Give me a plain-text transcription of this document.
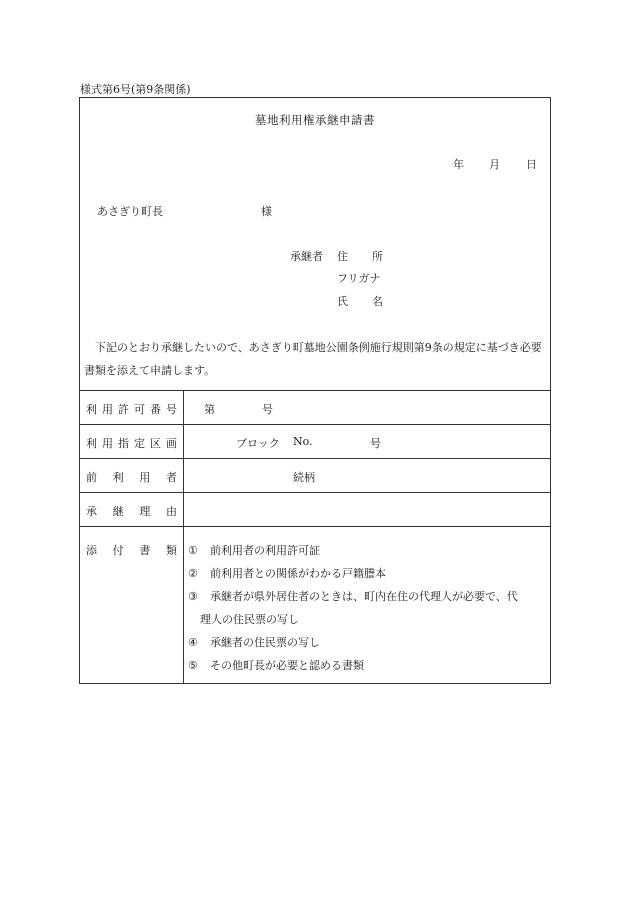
様式第6号(第9条関係)
墓地利用権承継申請書
年 月 日
あさぎり町長	様
承継者 住 所
フリガナ
氏 名
　下記のとおり承継したいので、あさぎり町墓地公園条例施行規則第9条の規定に基づき必要書類を添えて申請します。
利 用 許 可 番 号 第	号
利 用 指 定 区 画	ブロック No.	号
前 利 用 者	続柄
承 継 理 由
添 付 書 類 ①	前利用者の利用許可証
②	前利用者との関係がわかる戸籍謄本
③	承継者が県外居住者のときは、町内在住の代理人が必要で、代
理人の住民票の写し
④	承継者の住民票の写し
⑤	その他町長が必要と認める書類
